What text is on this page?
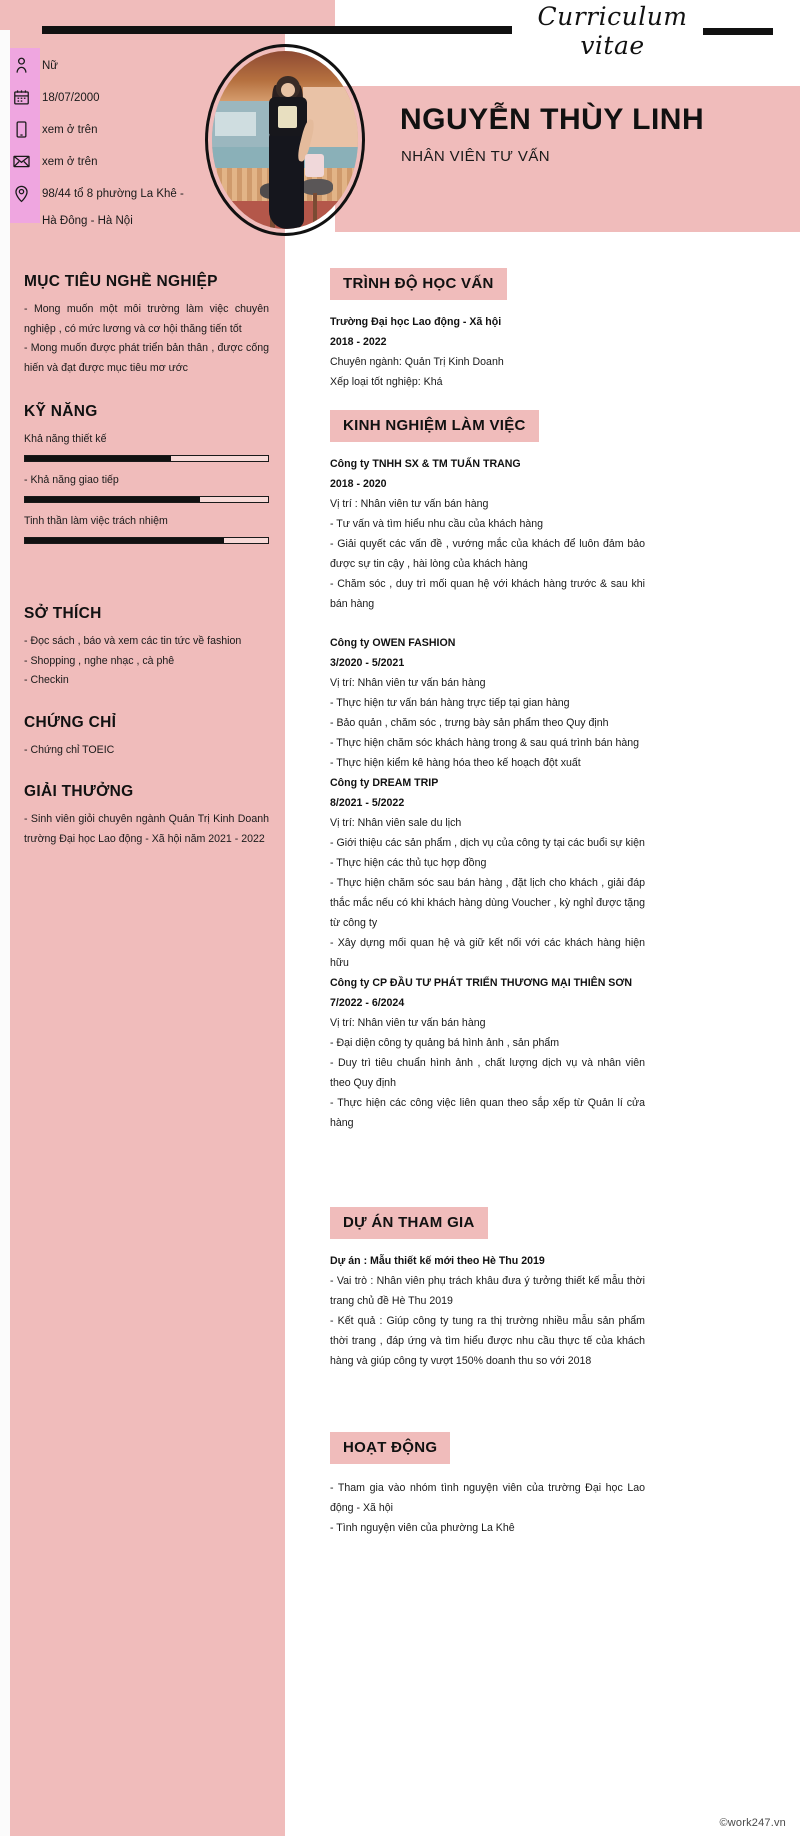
Curriculum vitae
NGUYỄN THÙY LINH
NHÂN VIÊN TƯ VẤN
Nữ
18/07/2000
xem ở trên
xem ở trên
98/44 tổ 8 phường La Khê -
Hà Đông - Hà Nội
MỤC TIÊU NGHỀ NGHIỆP
- Mong muốn một môi trường làm việc chuyên nghiệp , có mức lương và cơ hội thăng tiến tốt
- Mong muốn được phát triển bản thân , được cống hiến và đạt được mục tiêu mơ ước
KỸ NĂNG
Khả năng thiết kế
- Khả năng giao tiếp
Tinh thần làm việc trách nhiệm
SỞ THÍCH
- Đọc sách , báo và xem các tin tức về fashion
- Shopping , nghe nhạc , cà phê
- Checkin
CHỨNG CHỈ
- Chứng chỉ TOEIC
GIẢI THƯỞNG
- Sinh viên giỏi chuyên ngành Quản Trị Kinh Doanh trường Đại học Lao động - Xã hội năm 2021 - 2022
TRÌNH ĐỘ HỌC VẤN
Trường Đại học Lao động - Xã hội
2018 - 2022
Chuyên ngành: Quản Trị Kinh Doanh
Xếp loại tốt nghiệp: Khá
KINH NGHIỆM LÀM VIỆC
Công ty TNHH SX & TM TUẤN TRANG
2018 - 2020
Vị trí : Nhân viên tư vấn bán hàng
- Tư vấn và tìm hiểu nhu cầu của khách hàng
- Giải quyết các vấn đề , vướng mắc của khách để luôn đảm bảo được sự tin cậy , hài lòng của khách hàng
- Chăm sóc , duy trì mối quan hệ với khách hàng trước & sau khi bán hàng
Công ty OWEN FASHION
3/2020 - 5/2021
Vị trí: Nhân viên tư vấn bán hàng
- Thực hiện tư vấn bán hàng trực tiếp tại gian hàng
- Bảo quản , chăm sóc , trưng bày sản phẩm theo Quy định
- Thực hiện chăm sóc khách hàng trong & sau quá trình bán hàng
- Thực hiện kiểm kê hàng hóa theo kế hoạch đột xuất
Công ty DREAM TRIP
8/2021 - 5/2022
Vị trí: Nhân viên sale du lịch
- Giới thiệu các sản phẩm , dịch vụ của công ty tại các buổi sự kiện
- Thực hiện các thủ tục hợp đồng
- Thực hiện chăm sóc sau bán hàng , đặt lịch cho khách , giải đáp thắc mắc nếu có khi khách hàng dùng Voucher , kỳ nghỉ được tặng từ công ty
- Xây dựng mối quan hệ và giữ kết nối với các khách hàng hiện hữu
Công ty CP ĐẦU TƯ PHÁT TRIỂN THƯƠNG MẠI THIÊN SƠN
7/2022 - 6/2024
Vị trí: Nhân viên tư vấn bán hàng
- Đại diện công ty quảng bá hình ảnh , sản phẩm
- Duy trì tiêu chuẩn hình ảnh , chất lượng dịch vụ và nhân viên theo Quy định
- Thực hiện các công việc liên quan theo sắp xếp từ Quản lí cửa hàng
DỰ ÁN THAM GIA
Dự án : Mẫu thiết kế mới theo Hè Thu 2019
- Vai trò : Nhân viên phụ trách khâu đưa ý tưởng thiết kế mẫu thời trang chủ đề Hè Thu 2019
- Kết quả : Giúp công ty tung ra thị trường nhiều mẫu sản phẩm thời trang , đáp ứng và tìm hiểu được nhu cầu thực tế của khách hàng và giúp công ty vượt 150% doanh thu so với 2018
HOẠT ĐỘNG
- Tham gia vào nhóm tình nguyện viên của trường Đại học Lao động - Xã hội
- Tình nguyện viên của phường La Khê
©work247.vn
